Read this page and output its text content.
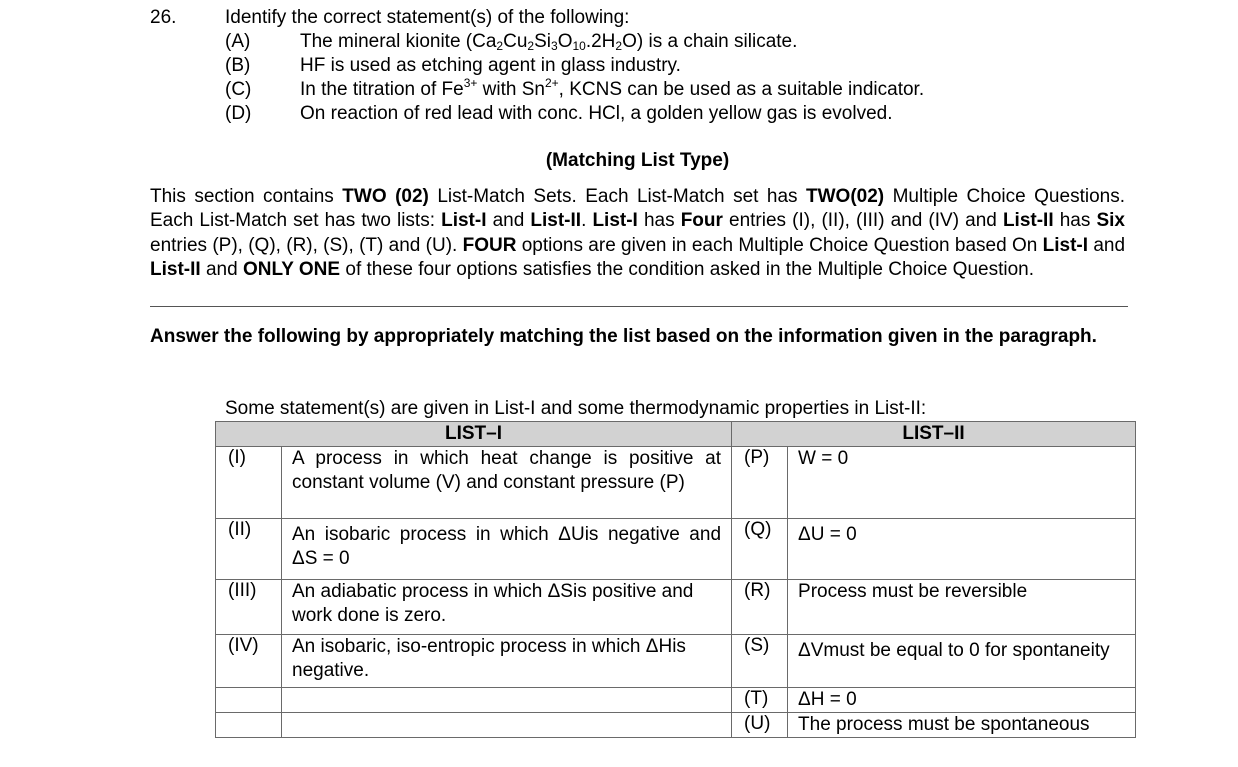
26.	Identify the correct statement(s) of the following:
(A)	The mineral kionite $(Ca_2Cu_2Si_3O_{10}.2H_2O)$ is a chain silicate.
(B)	HF is used as etching agent in glass industry.
(C)	In the titration of $Fe^{3+}$ with $Sn^{2+}$, KCNS can be used as a suitable indicator.
(D)	On reaction of red lead with conc. HCl, a golden yellow gas is evolved.
(Matching List Type)
This section contains TWO (02) List-Match Sets. Each List-Match set has TWO(02) Multiple Choice Questions. Each List-Match set has two lists: List-I and List-II. List-I has Four entries (I), (II), (III) and (IV) and List-II has Six entries (P), (Q), (R), (S), (T) and (U). FOUR options are given in each Multiple Choice Question based On List-I and List-II and ONLY ONE of these four options satisfies the condition asked in the Multiple Choice Question.
Answer the following by appropriately matching the list based on the information given in the paragraph.
Some statement(s) are given in List-I and some thermodynamic properties in List-II:
LIST–I		LIST–II	
(I)	A process in which heat change is positive at constant volume (V) and constant pressure (P)	(P)	W = 0
(II)	An isobaric process in which ΔUis negative and ΔS = 0	(Q)	ΔU = 0
(III)	An adiabatic process in which ΔSis positive and work done is zero.	(R)	Process must be reversible
(IV)	An isobaric, iso-entropic process in which ΔHis negative.	(S)	ΔVmust be equal to 0 for spontaneity
		(T)	ΔH = 0
		(U)	The process must be spontaneous
